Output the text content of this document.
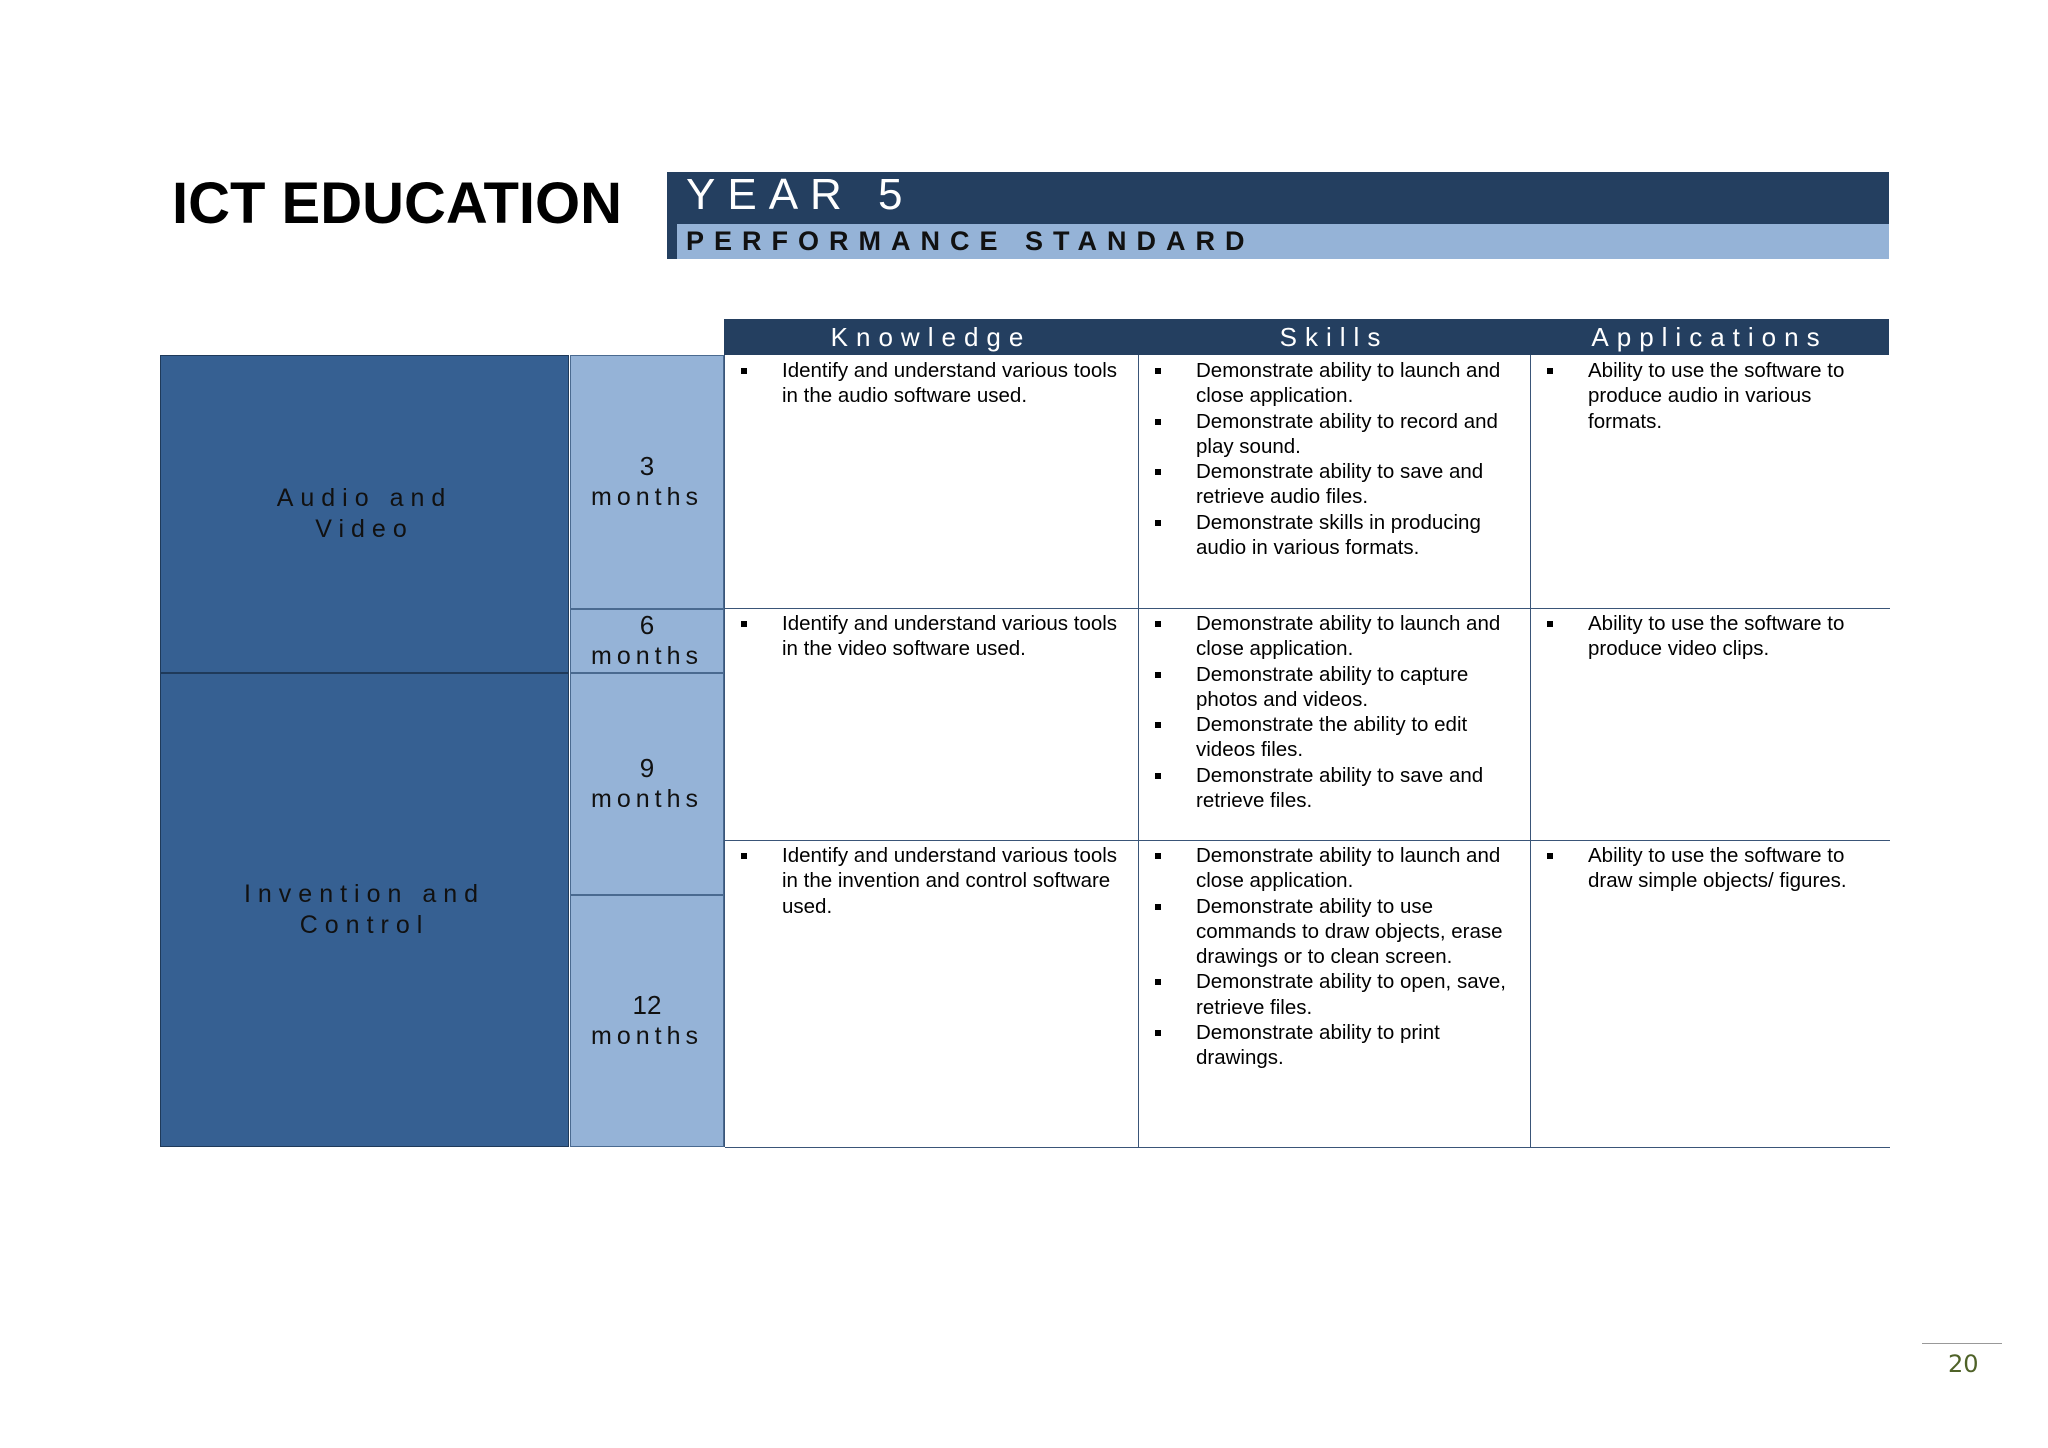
ICT EDUCATION YEAR 5
PERFORMANCE STANDARD
Knowledge	Skills	Applications
Audio and
Video
Invention and
Control
3
months
6
months
9
months
12
months
Identify and understand various tools in the audio software used.
Demonstrate ability to launch and close application.
Demonstrate ability to record and play sound.
Demonstrate ability to save and retrieve audio files.
Demonstrate skills in producing audio in various formats.
Ability to use the software to produce audio in various formats.
Identify and understand various tools in the video software used.
Demonstrate ability to launch and close application.
Demonstrate ability to capture photos and videos.
Demonstrate the ability to edit videos files.
Demonstrate ability to save and retrieve files.
Ability to use the software to produce video clips.
Identify and understand various tools in the invention and control software used.
Demonstrate ability to launch and close application.
Demonstrate ability to use commands to draw objects, erase drawings or to clean screen.
Demonstrate ability to open, save, retrieve files.
Demonstrate ability to print drawings.
Ability to use the software to draw simple objects/ figures.
20
